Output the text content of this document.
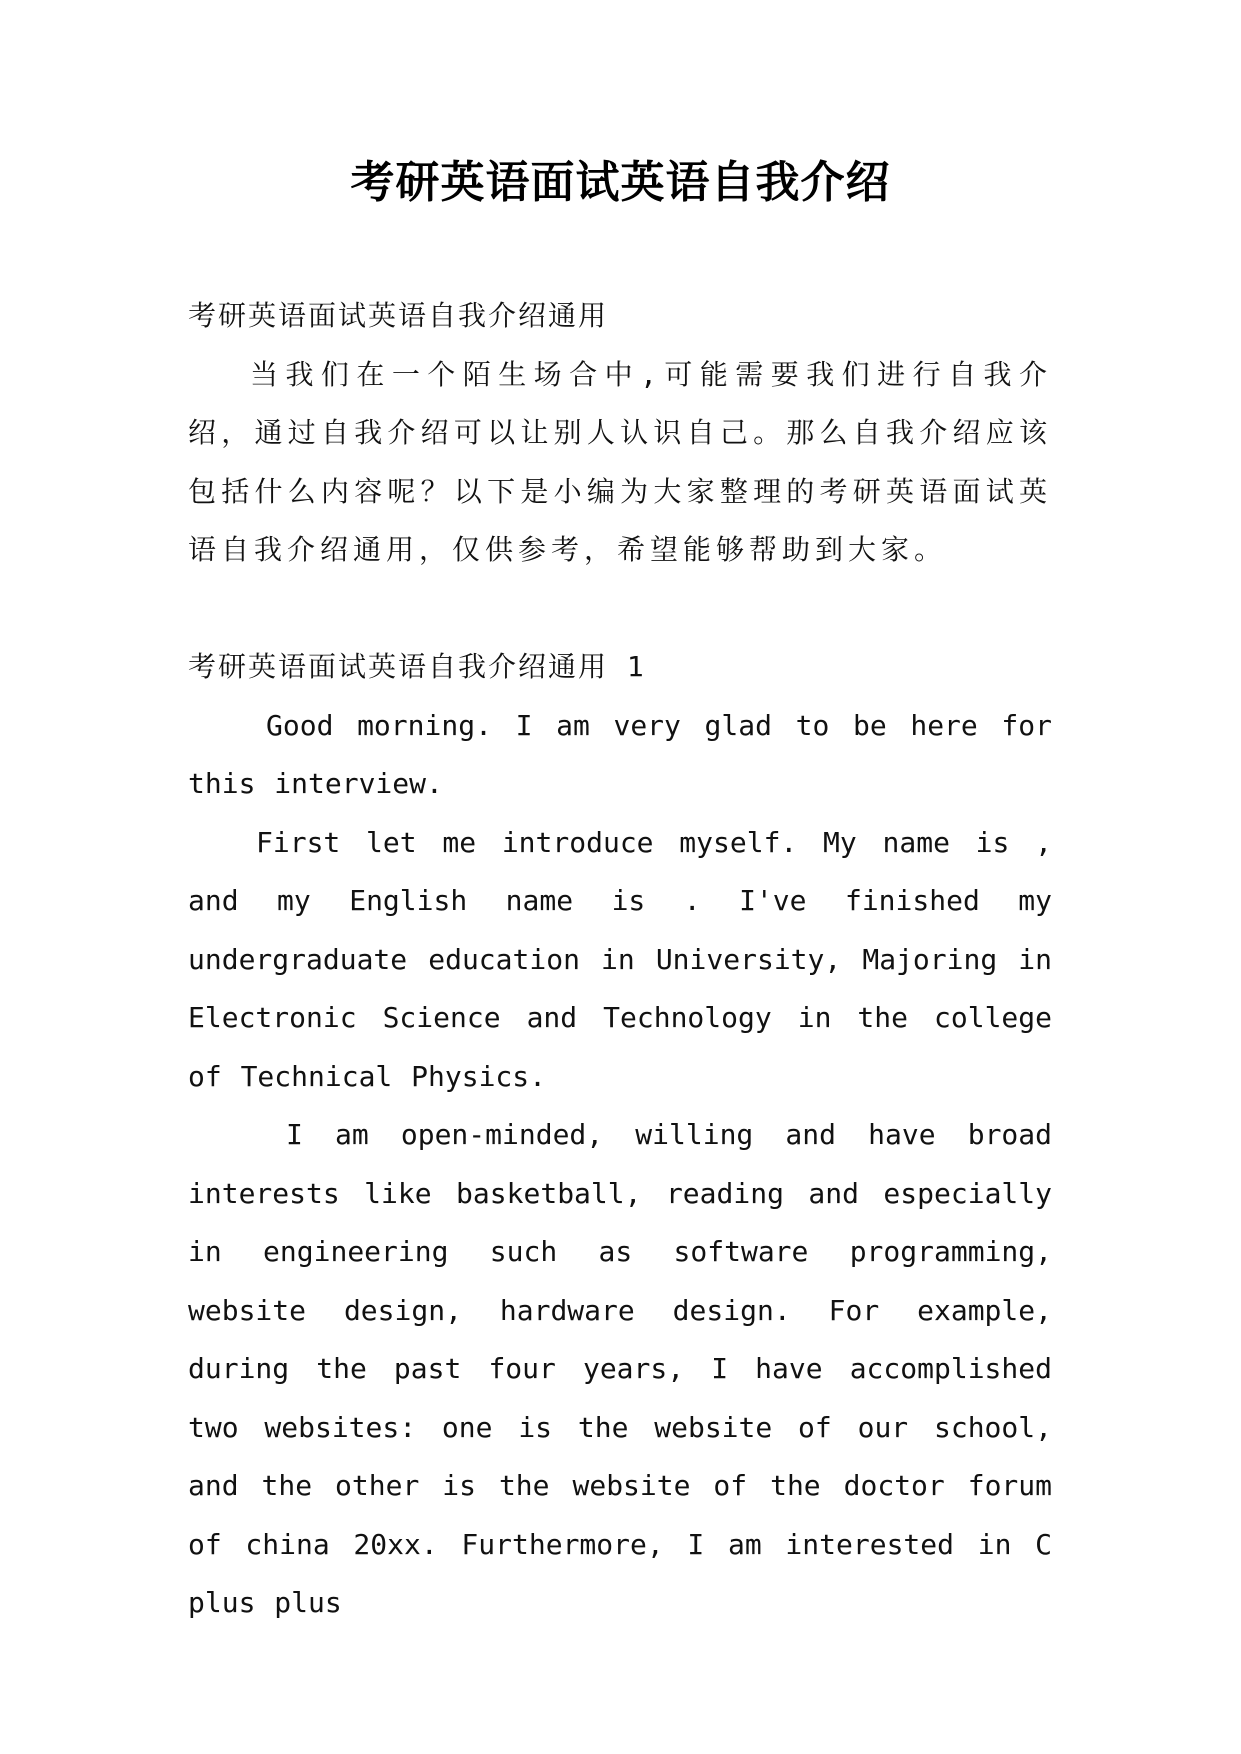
考研英语面试英语自我介绍

考研英语面试英语自我介绍通用

当我们在一个陌生场合中,可能需要我们进行自我介绍，通过自我介绍可以让别人认识自己。那么自我介绍应该包括什么内容呢？以下是小编为大家整理的考研英语面试英语自我介绍通用，仅供参考，希望能够帮助到大家。

考研英语面试英语自我介绍通用 1

Good morning. I am very glad to be here for this interview.

First let me introduce myself. My name is , and my English name is . I've finished my undergraduate education in University, Majoring in Electronic Science and Technology in the college of Technical Physics.

I am open-minded, willing and have broad interests like basketball, reading and especially in engineering such as software programming, website design, hardware design. For example, during the past four years, I have accomplished two websites: one is the website of our school, and the other is the website of the doctor forum of china 20xx. Furthermore, I am interested in C plus plus
